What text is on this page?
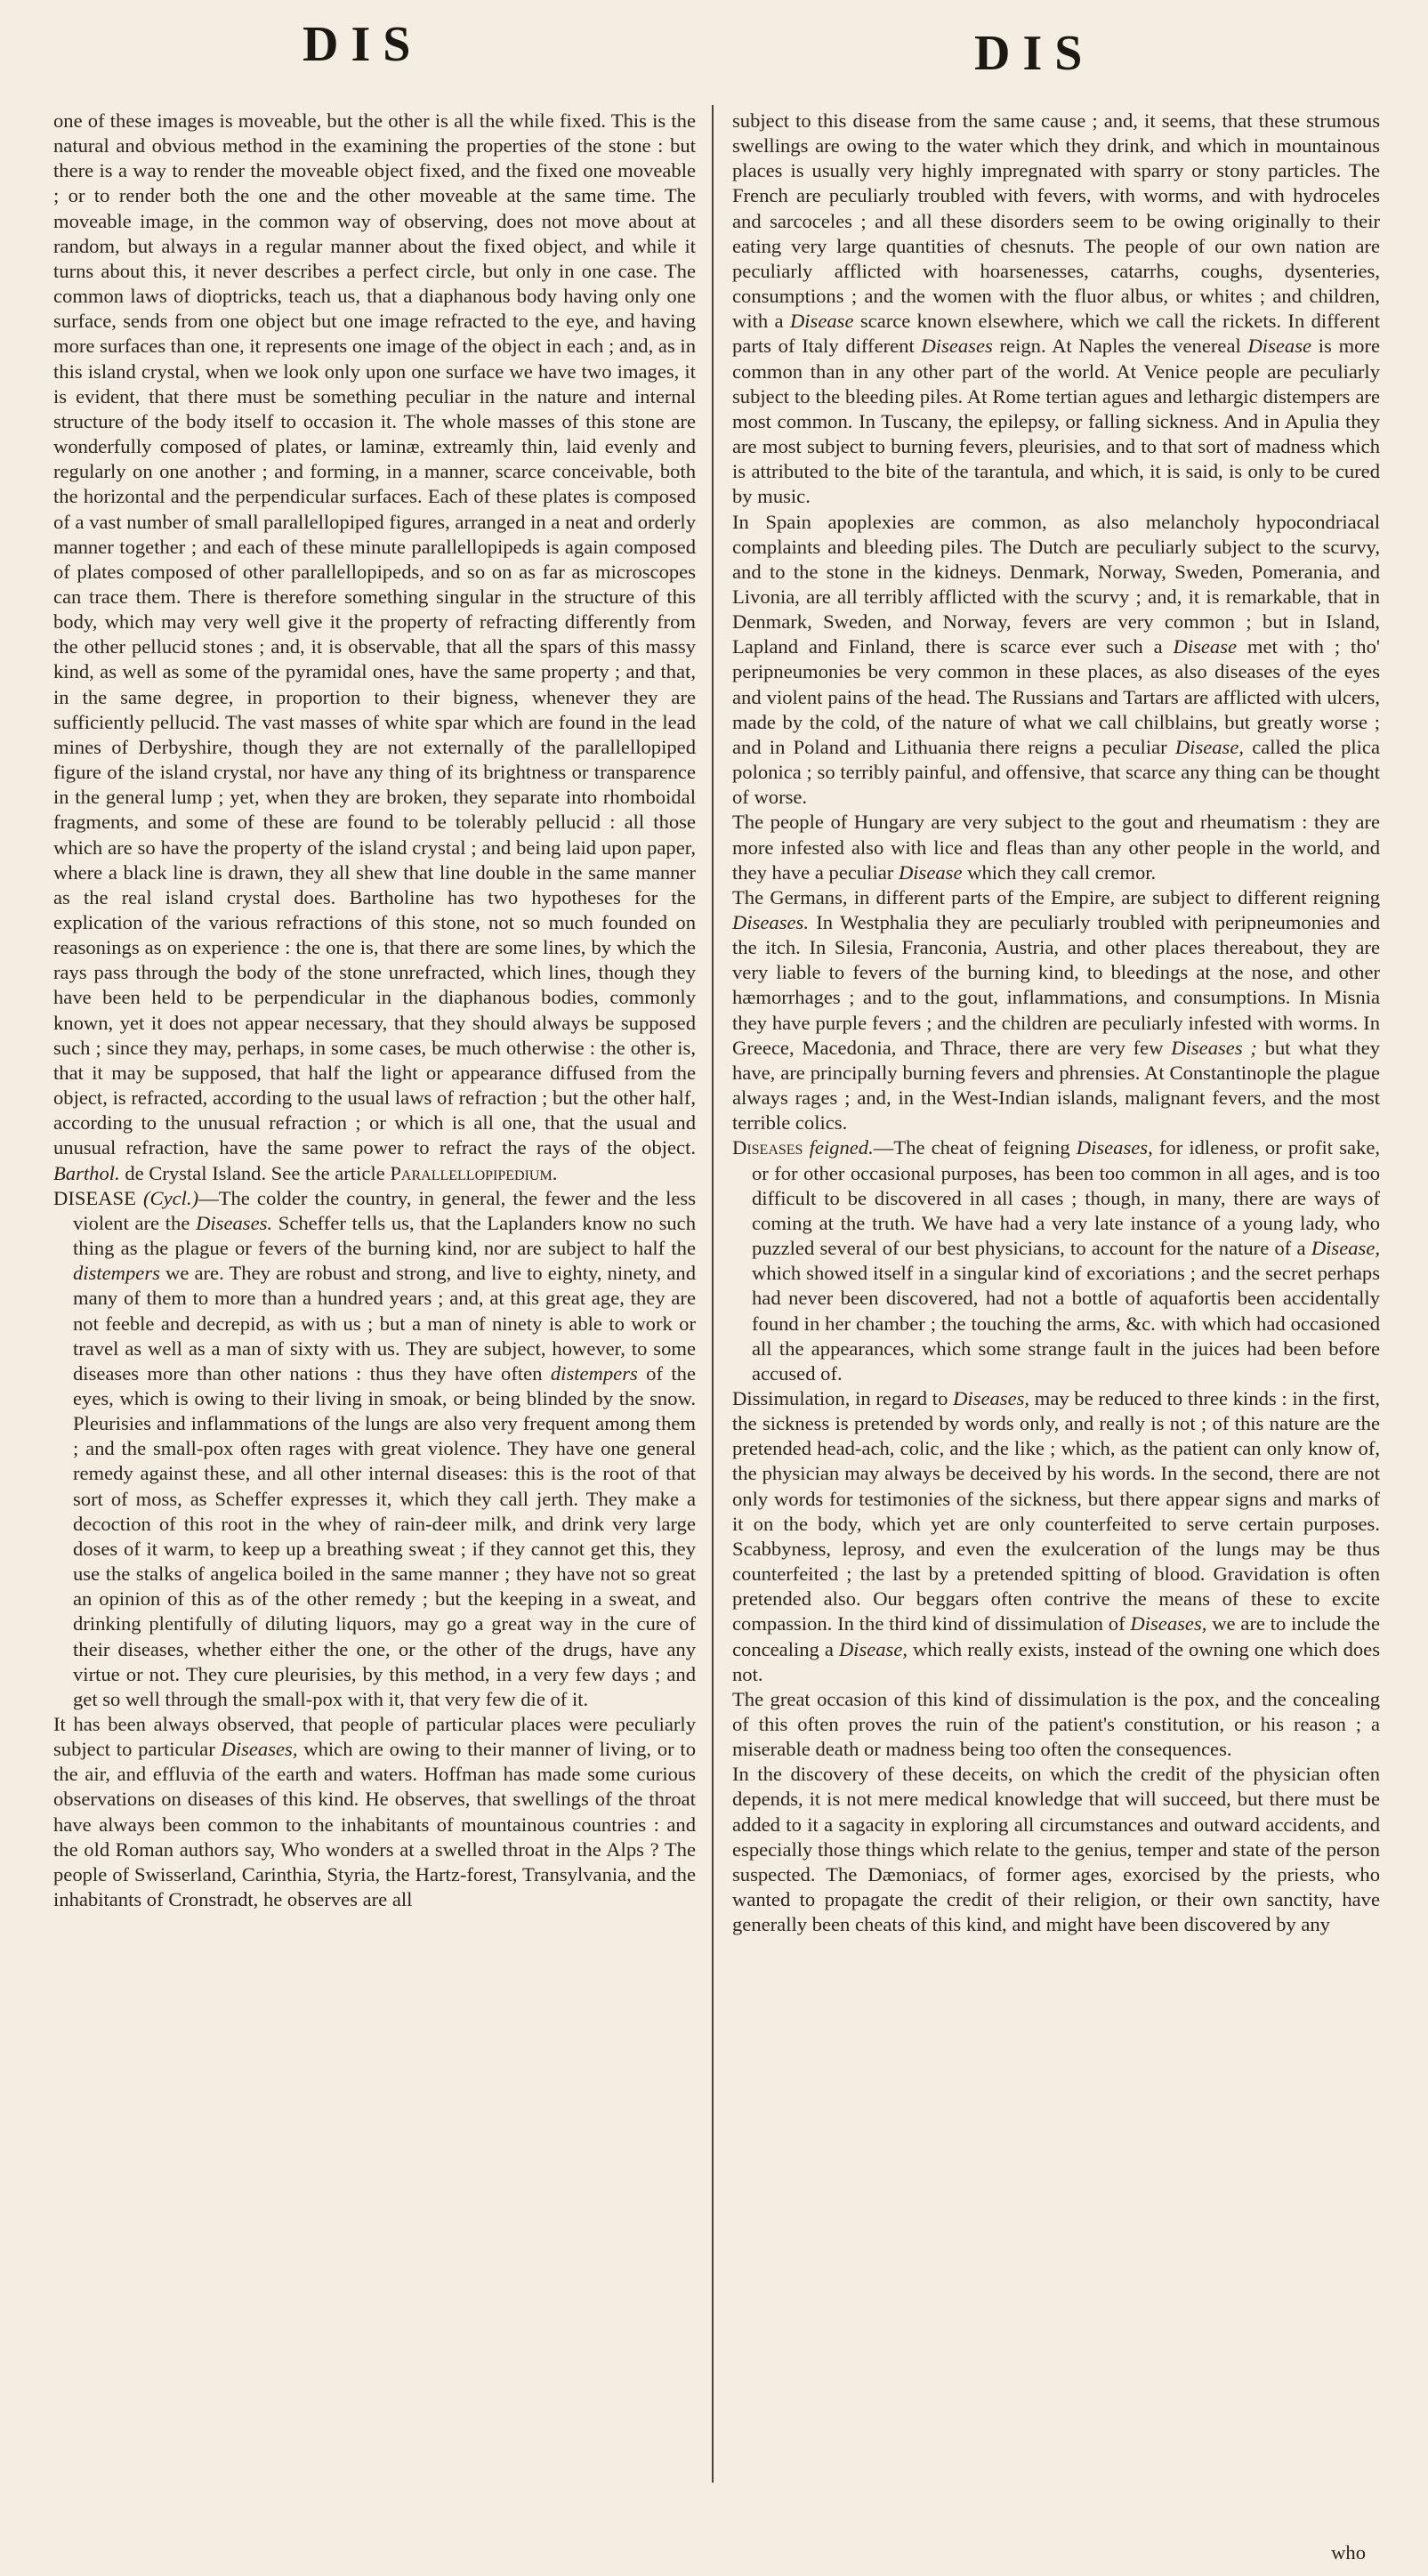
DIS	DIS

one of these images is moveable, but the other is all the while fixed. This is the natural and obvious method in the examining the properties of the stone : but there is a way to render the moveable object fixed, and the fixed one moveable ; or to render both the one and the other moveable at the same time. The moveable image, in the common way of observing, does not move about at random, but always in a regular manner about the fixed object, and while it turns about this, it never describes a perfect circle, but only in one case. The common laws of dioptricks, teach us, that a diaphanous body having only one surface, sends from one object but one image refracted to the eye, and having more surfaces than one, it represents one image of the object in each ; and, as in this island crystal, when we look only upon one surface we have two images, it is evident, that there must be something peculiar in the nature and internal structure of the body itself to occasion it. The whole masses of this stone are wonderfully composed of plates, or laminæ, extreamly thin, laid evenly and regularly on one another ; and forming, in a manner, scarce conceivable, both the horizontal and the perpendicular surfaces. Each of these plates is composed of a vast number of small parallellopiped figures, arranged in a neat and orderly manner together ; and each of these minute parallellopipeds is again composed of plates composed of other parallellopipeds, and so on as far as microscopes can trace them. There is therefore something singular in the structure of this body, which may very well give it the property of refracting differently from the other pellucid stones ; and, it is observable, that all the spars of this massy kind, as well as some of the pyramidal ones, have the same property ; and that, in the same degree, in proportion to their bigness, whenever they are sufficiently pellucid. The vast masses of white spar which are found in the lead mines of Derbyshire, though they are not externally of the parallellopiped figure of the island crystal, nor have any thing of its brightness or transparence in the general lump ; yet, when they are broken, they separate into rhomboidal fragments, and some of these are found to be tolerably pellucid : all those which are so have the property of the island crystal ; and being laid upon paper, where a black line is drawn, they all shew that line double in the same manner as the real island crystal does. Bartholine has two hypotheses for the explication of the various refractions of this stone, not so much founded on reasonings as on experience : the one is, that there are some lines, by which the rays pass through the body of the stone unrefracted, which lines, though they have been held to be perpendicular in the diaphanous bodies, commonly known, yet it does not appear necessary, that they should always be supposed such ; since they may, perhaps, in some cases, be much otherwise : the other is, that it may be supposed, that half the light or appearance diffused from the object, is refracted, according to the usual laws of refraction ; but the other half, according to the unusual refraction ; or which is all one, that the usual and unusual refraction, have the same power to refract the rays of the object. Barthol. de Crystal Island. See the article Parallellopipedium.

DISEASE (Cycl.)—The colder the country, in general, the fewer and the less violent are the Diseases. Scheffer tells us, that the Laplanders know no such thing as the plague or fevers of the burning kind, nor are subject to half the distempers we are. They are robust and strong, and live to eighty, ninety, and many of them to more than a hundred years ; and, at this great age, they are not feeble and decrepid, as with us ; but a man of ninety is able to work or travel as well as a man of sixty with us. They are subject, however, to some diseases more than other nations : thus they have often distempers of the eyes, which is owing to their living in smoak, or being blinded by the snow. Pleurisies and inflammations of the lungs are also very frequent among them ; and the small-pox often rages with great violence. They have one general remedy against these, and all other internal diseases: this is the root of that sort of moss, as Scheffer expresses it, which they call jerth. They make a decoction of this root in the whey of rain-deer milk, and drink very large doses of it warm, to keep up a breathing sweat ; if they cannot get this, they use the stalks of angelica boiled in the same manner ; they have not so great an opinion of this as of the other remedy ; but the keeping in a sweat, and drinking plentifully of diluting liquors, may go a great way in the cure of their diseases, whether either the one, or the other of the drugs, have any virtue or not. They cure pleurisies, by this method, in a very few days ; and get so well through the small-pox with it, that very few die of it.

It has been always observed, that people of particular places were peculiarly subject to particular Diseases, which are owing to their manner of living, or to the air, and effluvia of the earth and waters. Hoffman has made some curious observations on diseases of this kind. He observes, that swellings of the throat have always been common to the inhabitants of mountainous countries : and the old Roman authors say, Who wonders at a swelled throat in the Alps ? The people of Swisserland, Carinthia, Styria, the Hartz-forest, Transylvania, and the inhabitants of Cronstradt, he observes are all

subject to this disease from the same cause ; and, it seems, that these strumous swellings are owing to the water which they drink, and which in mountainous places is usually very highly impregnated with sparry or stony particles. The French are peculiarly troubled with fevers, with worms, and with hydroceles and sarcoceles ; and all these disorders seem to be owing originally to their eating very large quantities of chesnuts. The people of our own nation are peculiarly afflicted with hoarsenesses, catarrhs, coughs, dysenteries, consumptions ; and the women with the fluor albus, or whites ; and children, with a Disease scarce known elsewhere, which we call the rickets. In different parts of Italy different Diseases reign. At Naples the venereal Disease is more common than in any other part of the world. At Venice people are peculiarly subject to the bleeding piles. At Rome tertian agues and lethargic distempers are most common. In Tuscany, the epilepsy, or falling sickness. And in Apulia they are most subject to burning fevers, pleurisies, and to that sort of madness which is attributed to the bite of the tarantula, and which, it is said, is only to be cured by music.

In Spain apoplexies are common, as also melancholy hypocondriacal complaints and bleeding piles. The Dutch are peculiarly subject to the scurvy, and to the stone in the kidneys. Denmark, Norway, Sweden, Pomerania, and Livonia, are all terribly afflicted with the scurvy ; and, it is remarkable, that in Denmark, Sweden, and Norway, fevers are very common ; but in Island, Lapland and Finland, there is scarce ever such a Disease met with ; tho' peripneumonies be very common in these places, as also diseases of the eyes and violent pains of the head. The Russians and Tartars are afflicted with ulcers, made by the cold, of the nature of what we call chilblains, but greatly worse ; and in Poland and Lithuania there reigns a peculiar Disease, called the plica polonica ; so terribly painful, and offensive, that scarce any thing can be thought of worse.

The people of Hungary are very subject to the gout and rheumatism : they are more infested also with lice and fleas than any other people in the world, and they have a peculiar Disease which they call cremor.

The Germans, in different parts of the Empire, are subject to different reigning Diseases. In Westphalia they are peculiarly troubled with peripneumonies and the itch. In Silesia, Franconia, Austria, and other places thereabout, they are very liable to fevers of the burning kind, to bleedings at the nose, and other hæmorrhages ; and to the gout, inflammations, and consumptions. In Misnia they have purple fevers ; and the children are peculiarly infested with worms. In Greece, Macedonia, and Thrace, there are very few Diseases ; but what they have, are principally burning fevers and phrensies. At Constantinople the plague always rages ; and, in the West-Indian islands, malignant fevers, and the most terrible colics.

Diseases feigned.—The cheat of feigning Diseases, for idleness, or profit sake, or for other occasional purposes, has been too common in all ages, and is too difficult to be discovered in all cases ; though, in many, there are ways of coming at the truth. We have had a very late instance of a young lady, who puzzled several of our best physicians, to account for the nature of a Disease, which showed itself in a singular kind of excoriations ; and the secret perhaps had never been discovered, had not a bottle of aquafortis been accidentally found in her chamber ; the touching the arms, &c. with which had occasioned all the appearances, which some strange fault in the juices had been before accused of.

Dissimulation, in regard to Diseases, may be reduced to three kinds : in the first, the sickness is pretended by words only, and really is not ; of this nature are the pretended head-ach, colic, and the like ; which, as the patient can only know of, the physician may always be deceived by his words. In the second, there are not only words for testimonies of the sickness, but there appear signs and marks of it on the body, which yet are only counterfeited to serve certain purposes. Scabbyness, leprosy, and even the exulceration of the lungs may be thus counterfeited ; the last by a pretended spitting of blood. Gravidation is often pretended also. Our beggars often contrive the means of these to excite compassion. In the third kind of dissimulation of Diseases, we are to include the concealing a Disease, which really exists, instead of the owning one which does not.

The great occasion of this kind of dissimulation is the pox, and the concealing of this often proves the ruin of the patient's constitution, or his reason ; a miserable death or madness being too often the consequences.

In the discovery of these deceits, on which the credit of the physician often depends, it is not mere medical knowledge that will succeed, but there must be added to it a sagacity in exploring all circumstances and outward accidents, and especially those things which relate to the genius, temper and state of the person suspected. The Dæmoniacs, of former ages, exorcised by the priests, who wanted to propagate the credit of their religion, or their own sanctity, have generally been cheats of this kind, and might have been discovered by any

who
